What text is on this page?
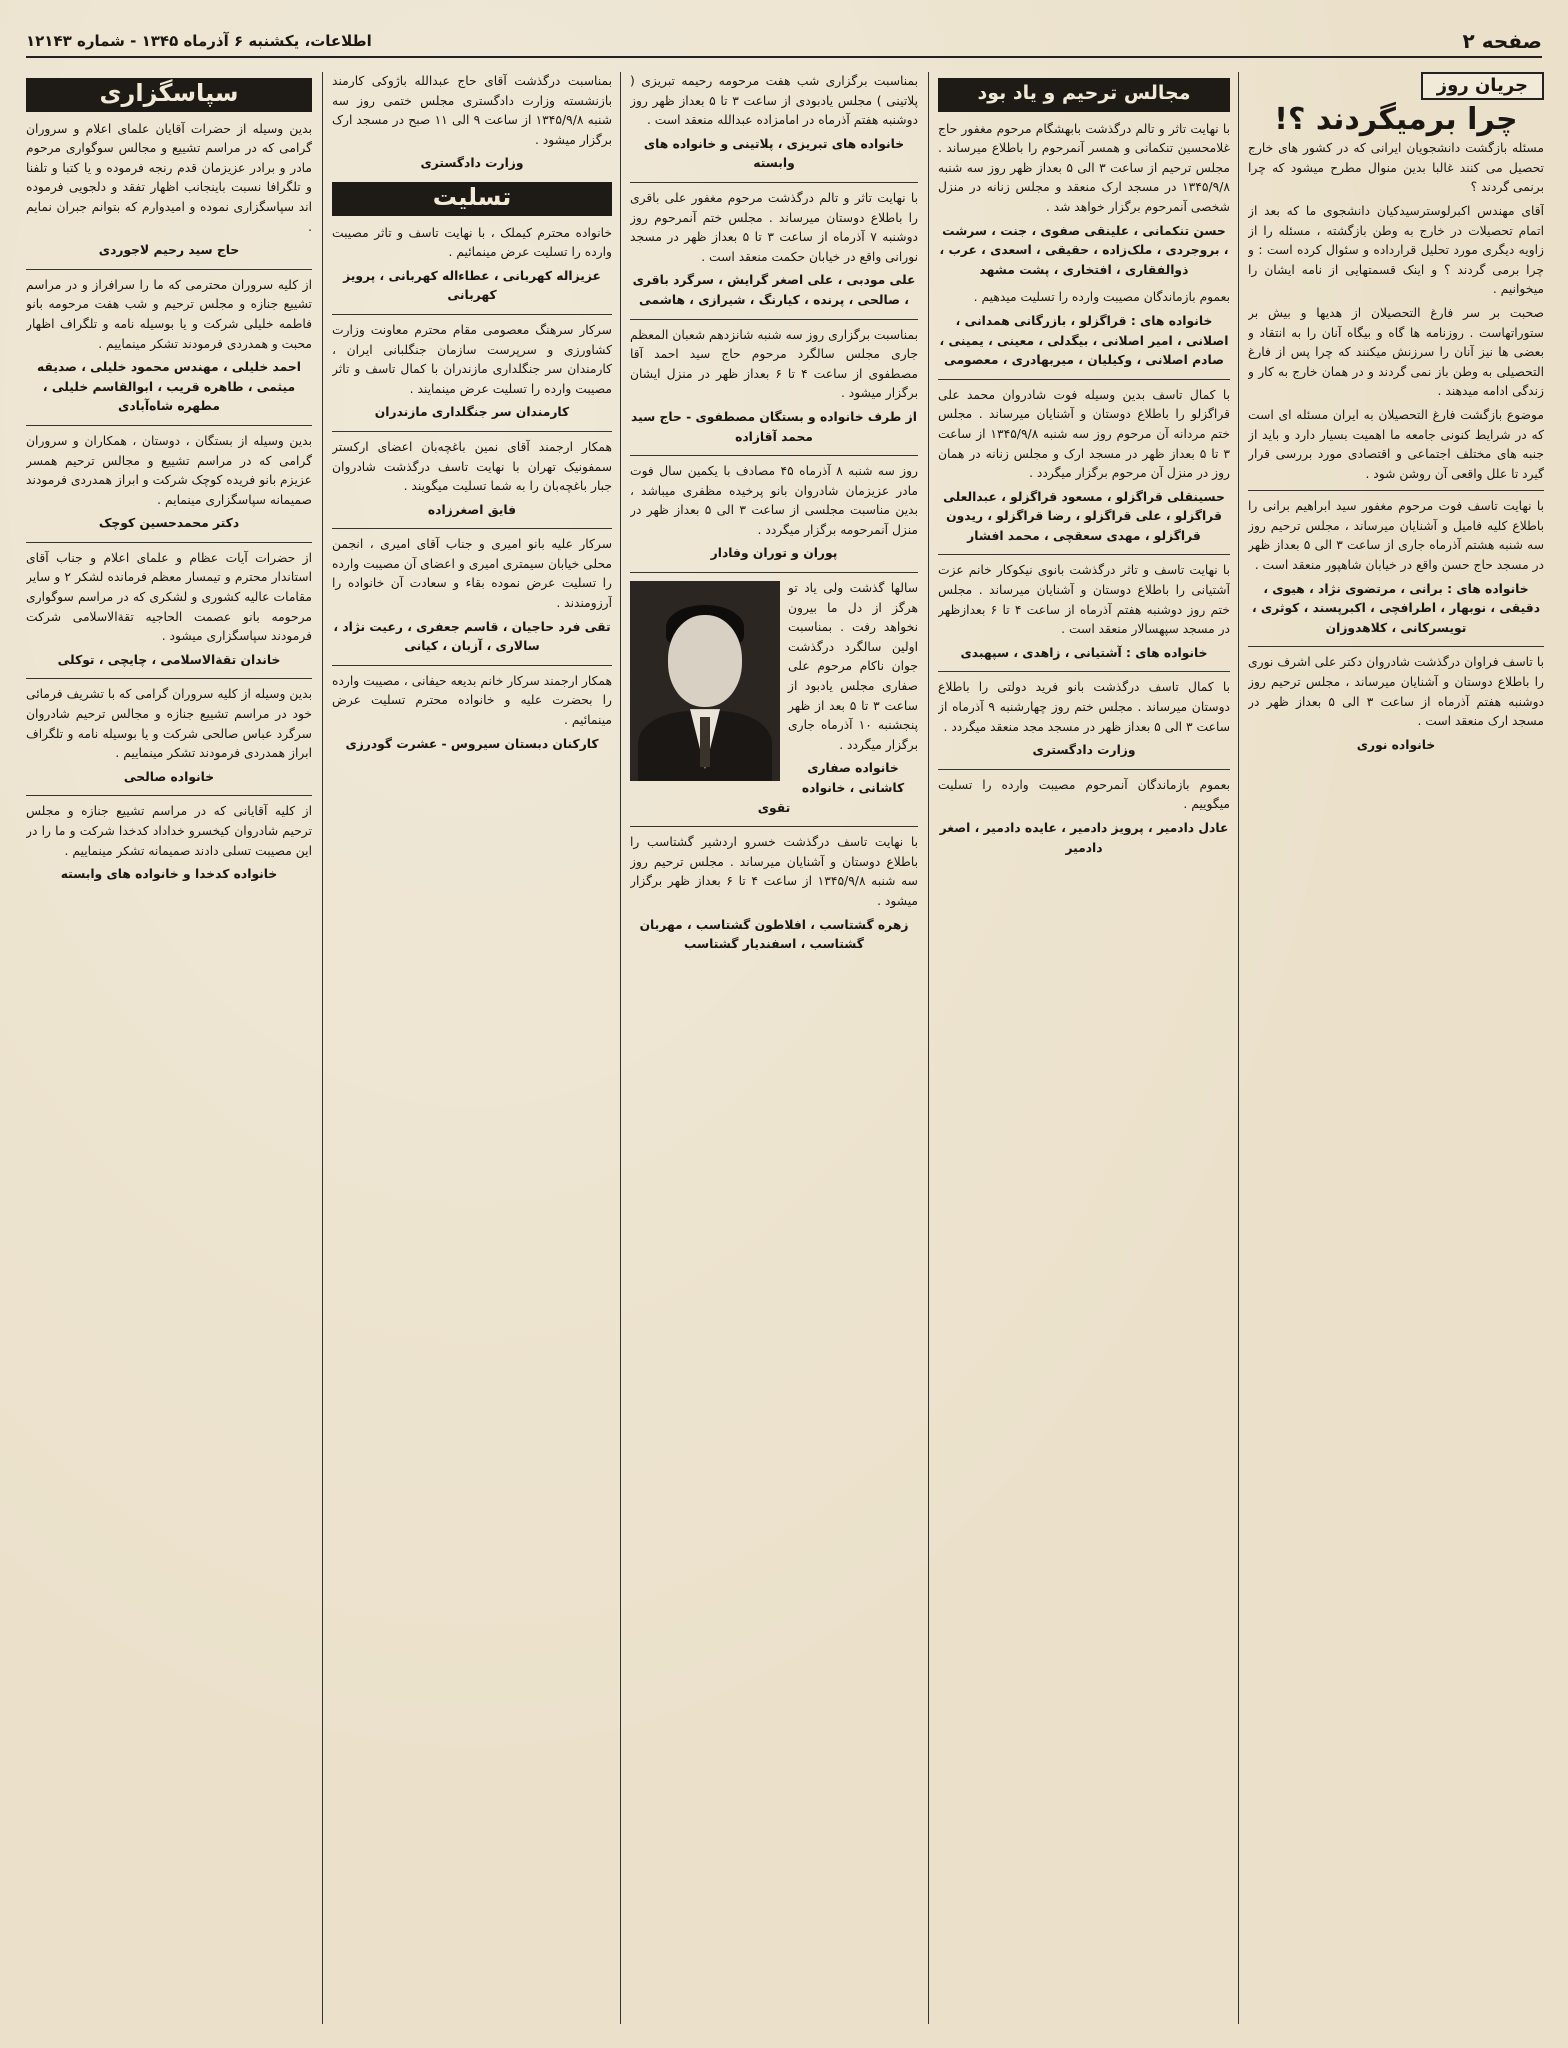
صفحه ۲
اطلاعات، یکشنبه ۶ آذرماه ۱۳۴۵ - شماره ۱۲۱۴۳
جریان روز
چرا برمیگردند ؟!

مسئله بازگشت دانشجویان ایرانی که در کشور های خارج تحصیل می کنند غالبا بدین منوال مطرح میشود که چرا برنمی گردند ؟

آقای مهندس اکبرلوسترسیدکیان دانشجوی ما که بعد از اتمام تحصیلات در خارج به وطن بازگشته ، مسئله را از زاویه دیگری مورد تحلیل قرارداده و سئوال کرده است : و چرا برمی گردند ؟ و اینک قسمتهایی از نامه ایشان را میخوانیم .

صحبت بر سر فارغ التحصیلان از هدیها و بیش بر ستوراتهاست . روزنامه ها گاه و بیگاه آنان را به انتقاد و بعضی ها نیز آنان را سرزنش میکنند که چرا پس از فارغ التحصیلی به وطن باز نمی گردند و در همان خارج به کار و زندگی ادامه میدهند .

موضوع بازگشت فارغ التحصیلان به ایران مسئله ای است که در شرایط کنونی جامعه ما اهمیت بسیار دارد و باید از جنبه های مختلف اجتماعی و اقتصادی مورد بررسی قرار گیرد تا علل واقعی آن روشن شود .

با نهایت تاسف فوت مرحوم مغفور سید ابراهیم برانی را باطلاع کلیه فامیل و آشنایان میرساند ، مجلس ترحیم روز سه شنبه هشتم آذرماه جاری از ساعت ۳ الی ۵ بعداز ظهر در مسجد حاج حسن واقع در خیابان شاهپور منعقد است .

خانواده های : برانی ، مرتضوی نژاد ، هیوی ، دقیقی ، نوبهار ، اطرافچی ، اکبرپسند ، کوثری ، تویسرکانی ، کلاهدوزان

با تاسف فراوان درگذشت شادروان دکتر علی اشرف نوری را باطلاع دوستان و آشنایان میرساند ، مجلس ترحیم روز دوشنبه هفتم آذرماه از ساعت ۳ الی ۵ بعداز ظهر در مسجد ارک منعقد است .

خانواده نوری
مجالس ترحیم و یاد بود

با نهایت تاثر و تالم درگذشت بابهشگام مرحوم مغفور حاج غلامحسین تنکمانی و همسر آنمرحوم را باطلاع میرساند . مجلس ترحیم از ساعت ۳ الی ۵ بعداز ظهر روز سه شنبه ۱۳۴۵/۹/۸ در مسجد ارک منعقد و مجلس زنانه در منزل شخصی آنمرحوم برگزار خواهد شد .

حسن تنکمانی ، علینقی صفوی ، جنت ، سرشت ، بروجردی ، ملک‌زاده ، حقیقی ، اسعدی ، عرب ، ذوالفقاری ، افتخاری ، پشت مشهد

بعموم بازماندگان مصیبت وارده را تسلیت میدهیم .

خانواده های : قراگزلو ، بازرگانی همدانی ، اصلانی ، امیر اصلانی ، بیگدلی ، معینی ، یمینی ، صادم اصلانی ، وکیلیان ، میربهادری ، معصومی

با کمال تاسف بدین وسیله فوت شادروان محمد علی قراگزلو را باطلاع دوستان و آشنایان میرساند . مجلس ختم مردانه آن مرحوم روز سه شنبه ۱۳۴۵/۹/۸ از ساعت ۳ تا ۵ بعداز ظهر در مسجد ارک و مجلس زنانه در همان روز در منزل آن مرحوم برگزار میگردد .

حسینقلی قراگزلو ، مسعود قراگزلو ، عبدالعلی قراگزلو ، علی قراگزلو ، رضا قراگزلو ، ریدون قراگزلو ، مهدی سعقچی ، محمد افشار

با نهایت تاسف و تاثر درگذشت بانوی نیکوکار خانم عزت آشتیانی را باطلاع دوستان و آشنایان میرساند . مجلس ختم روز دوشنبه هفتم آذرماه از ساعت ۴ تا ۶ بعدازظهر در مسجد سپهسالار منعقد است .

خانواده های : آشتیانی ، زاهدی ، سپهبدی

با کمال تاسف درگذشت بانو فرید دولتی را باطلاع دوستان میرساند . مجلس ختم روز چهارشنبه ۹ آذرماه از ساعت ۳ الی ۵ بعداز ظهر در مسجد مجد منعقد میگردد .

وزارت دادگستری

بعموم بازماندگان آنمرحوم مصیبت وارده را تسلیت میگوییم .

عادل دادمیر ، پرویز دادمیر ، عایده دادمیر ، اصغر دادمیر

بمناسبت برگزاری شب هفت مرحومه رحیمه تبریزی ( پلاتینی ) مجلس یادبودی از ساعت ۳ تا ۵ بعداز ظهر روز دوشنبه هفتم آذرماه در امامزاده عبدالله منعقد است .

خانواده های تبریزی ، پلاتینی و خانواده های وابسته

با نهایت تاثر و تالم درگذشت مرحوم مغفور علی باقری را باطلاع دوستان میرساند . مجلس ختم آنمرحوم روز دوشنبه ۷ آذرماه از ساعت ۳ تا ۵ بعداز ظهر در مسجد نورانی واقع در خیابان حکمت منعقد است .

علی مودبی ، علی اصغر گرایش ، سرگرد باقری ، صالحی ، پرنده ، کیارنگ ، شیرازی ، هاشمی

بمناسبت برگزاری روز سه شنبه شانزدهم شعبان المعظم جاری مجلس سالگرد مرحوم حاج سید احمد آقا مصطفوی از ساعت ۴ تا ۶ بعداز ظهر در منزل ایشان برگزار میشود .

از طرف خانواده و بستگان مصطفوی - حاج سید محمد آقازاده

روز سه شنبه ۸ آذرماه ۴۵ مصادف با یکمین سال فوت مادر عزیزمان شادروان بانو پرخیده مظفری میباشد ، بدین مناسبت مجلسی از ساعت ۳ الی ۵ بعداز ظهر در منزل آنمرحومه برگزار میگردد .

پوران و توران وفادار

سالها گذشت ولی یاد تو هرگز از دل ما بیرون نخواهد رفت . بمناسبت اولین سالگرد درگذشت جوان ناکام مرحوم علی صفاری مجلس یادبود از ساعت ۳ تا ۵ بعد از ظهر پنجشنبه ۱۰ آذرماه جاری برگزار میگردد .

خانواده صفاری کاشانی ، خانواده تقوی

با نهایت تاسف درگذشت خسرو اردشیر گشتاسب را باطلاع دوستان و آشنایان میرساند . مجلس ترحیم روز سه شنبه ۱۳۴۵/۹/۸ از ساعت ۴ تا ۶ بعداز ظهر برگزار میشود .

زهره گشتاسب ، افلاطون گشتاسب ، مهربان گشتاسب ، اسفندیار گشتاسب

بمناسبت درگذشت آقای حاج عبدالله باژوکی کارمند بازنشسته وزارت دادگستری مجلس ختمی روز سه شنبه ۱۳۴۵/۹/۸ از ساعت ۹ الی ۱۱ صبح در مسجد ارک برگزار میشود .

وزارت دادگستری
تسلیت

خانواده محترم کیملک ، با نهایت تاسف و تاثر مصیبت وارده را تسلیت عرض مینمائیم .

عزیزاله کهربانی ، عطاءاله کهربانی ، پرویز کهربانی

سرکار سرهنگ معصومی مقام محترم معاونت وزارت کشاورزی و سرپرست سازمان جنگلبانی ایران ، کارمندان سر جنگلداری مازندران با کمال تاسف و تاثر مصیبت وارده را تسلیت عرض مینمایند .

کارمندان سر جنگلداری مازندران

همکار ارجمند آقای نمین باغچه‌بان اعضای ارکستر سمفونیک تهران با نهایت تاسف درگذشت شادروان جبار باغچه‌بان را به شما تسلیت میگویند .

فایق اصغرزاده

سرکار علیه بانو امیری و جناب آقای امیری ، انجمن محلی خیابان سیمتری امیری و اعضای آن مصیبت وارده را تسلیت عرض نموده بقاء و سعادت آن خانواده را آرزومندند .

تقی فرد حاجیان ، قاسم جعفری ، رعیت نژاد ، سالاری ، آزبان ، کیانی

همکار ارجمند سرکار خانم بدیعه حیفانی ، مصیبت وارده را بحضرت علیه و خانواده محترم تسلیت عرض مینمائیم .

کارکنان دبستان سیروس - عشرت گودرزی
سپاسگزاری

بدین وسیله از حضرات آقایان علمای اعلام و سروران گرامی که در مراسم تشییع و مجالس سوگواری مرحوم مادر و برادر عزیزمان قدم رنجه فرموده و یا کتبا و تلفنا و تلگرافا نسبت باینجانب اظهار تفقد و دلجویی فرموده اند سپاسگزاری نموده و امیدوارم که بتوانم جبران نمایم .

حاج سید رحیم لاجوردی

از کلیه سروران محترمی که ما را سرافراز و در مراسم تشییع جنازه و مجلس ترحیم و شب هفت مرحومه بانو فاطمه خلیلی شرکت و یا بوسیله نامه و تلگراف اظهار محبت و همدردی فرمودند تشکر مینماییم .

احمد خلیلی ، مهندس محمود خلیلی ، صدیقه میثمی ، طاهره قریب ، ابوالقاسم خلیلی ، مطهره شاه‌آبادی

بدین وسیله از بستگان ، دوستان ، همکاران و سروران گرامی که در مراسم تشییع و مجالس ترحیم همسر عزیزم بانو فریده کوچک شرکت و ابراز همدردی فرمودند صمیمانه سپاسگزاری مینمایم .

دکتر محمدحسین کوچک

از حضرات آیات عظام و علمای اعلام و جناب آقای استاندار محترم و تیمسار معظم فرمانده لشکر ۲ و سایر مقامات عالیه کشوری و لشکری که در مراسم سوگواری مرحومه بانو عصمت الحاجیه تقة‌الاسلامی شرکت فرمودند سپاسگزاری میشود .

خاندان تقة‌الاسلامی ، چایچی ، توکلی

بدین وسیله از کلیه سروران گرامی که با تشریف فرمائی خود در مراسم تشییع جنازه و مجالس ترحیم شادروان سرگرد عباس صالحی شرکت و یا بوسیله نامه و تلگراف ابراز همدردی فرمودند تشکر مینماییم .

خانواده صالحی

از کلیه آقایانی که در مراسم تشییع جنازه و مجلس ترحیم شادروان کیخسرو خداداد کدخدا شرکت و ما را در این مصیبت تسلی دادند صمیمانه تشکر مینماییم .

خانواده کدخدا و خانواده های وابسته
